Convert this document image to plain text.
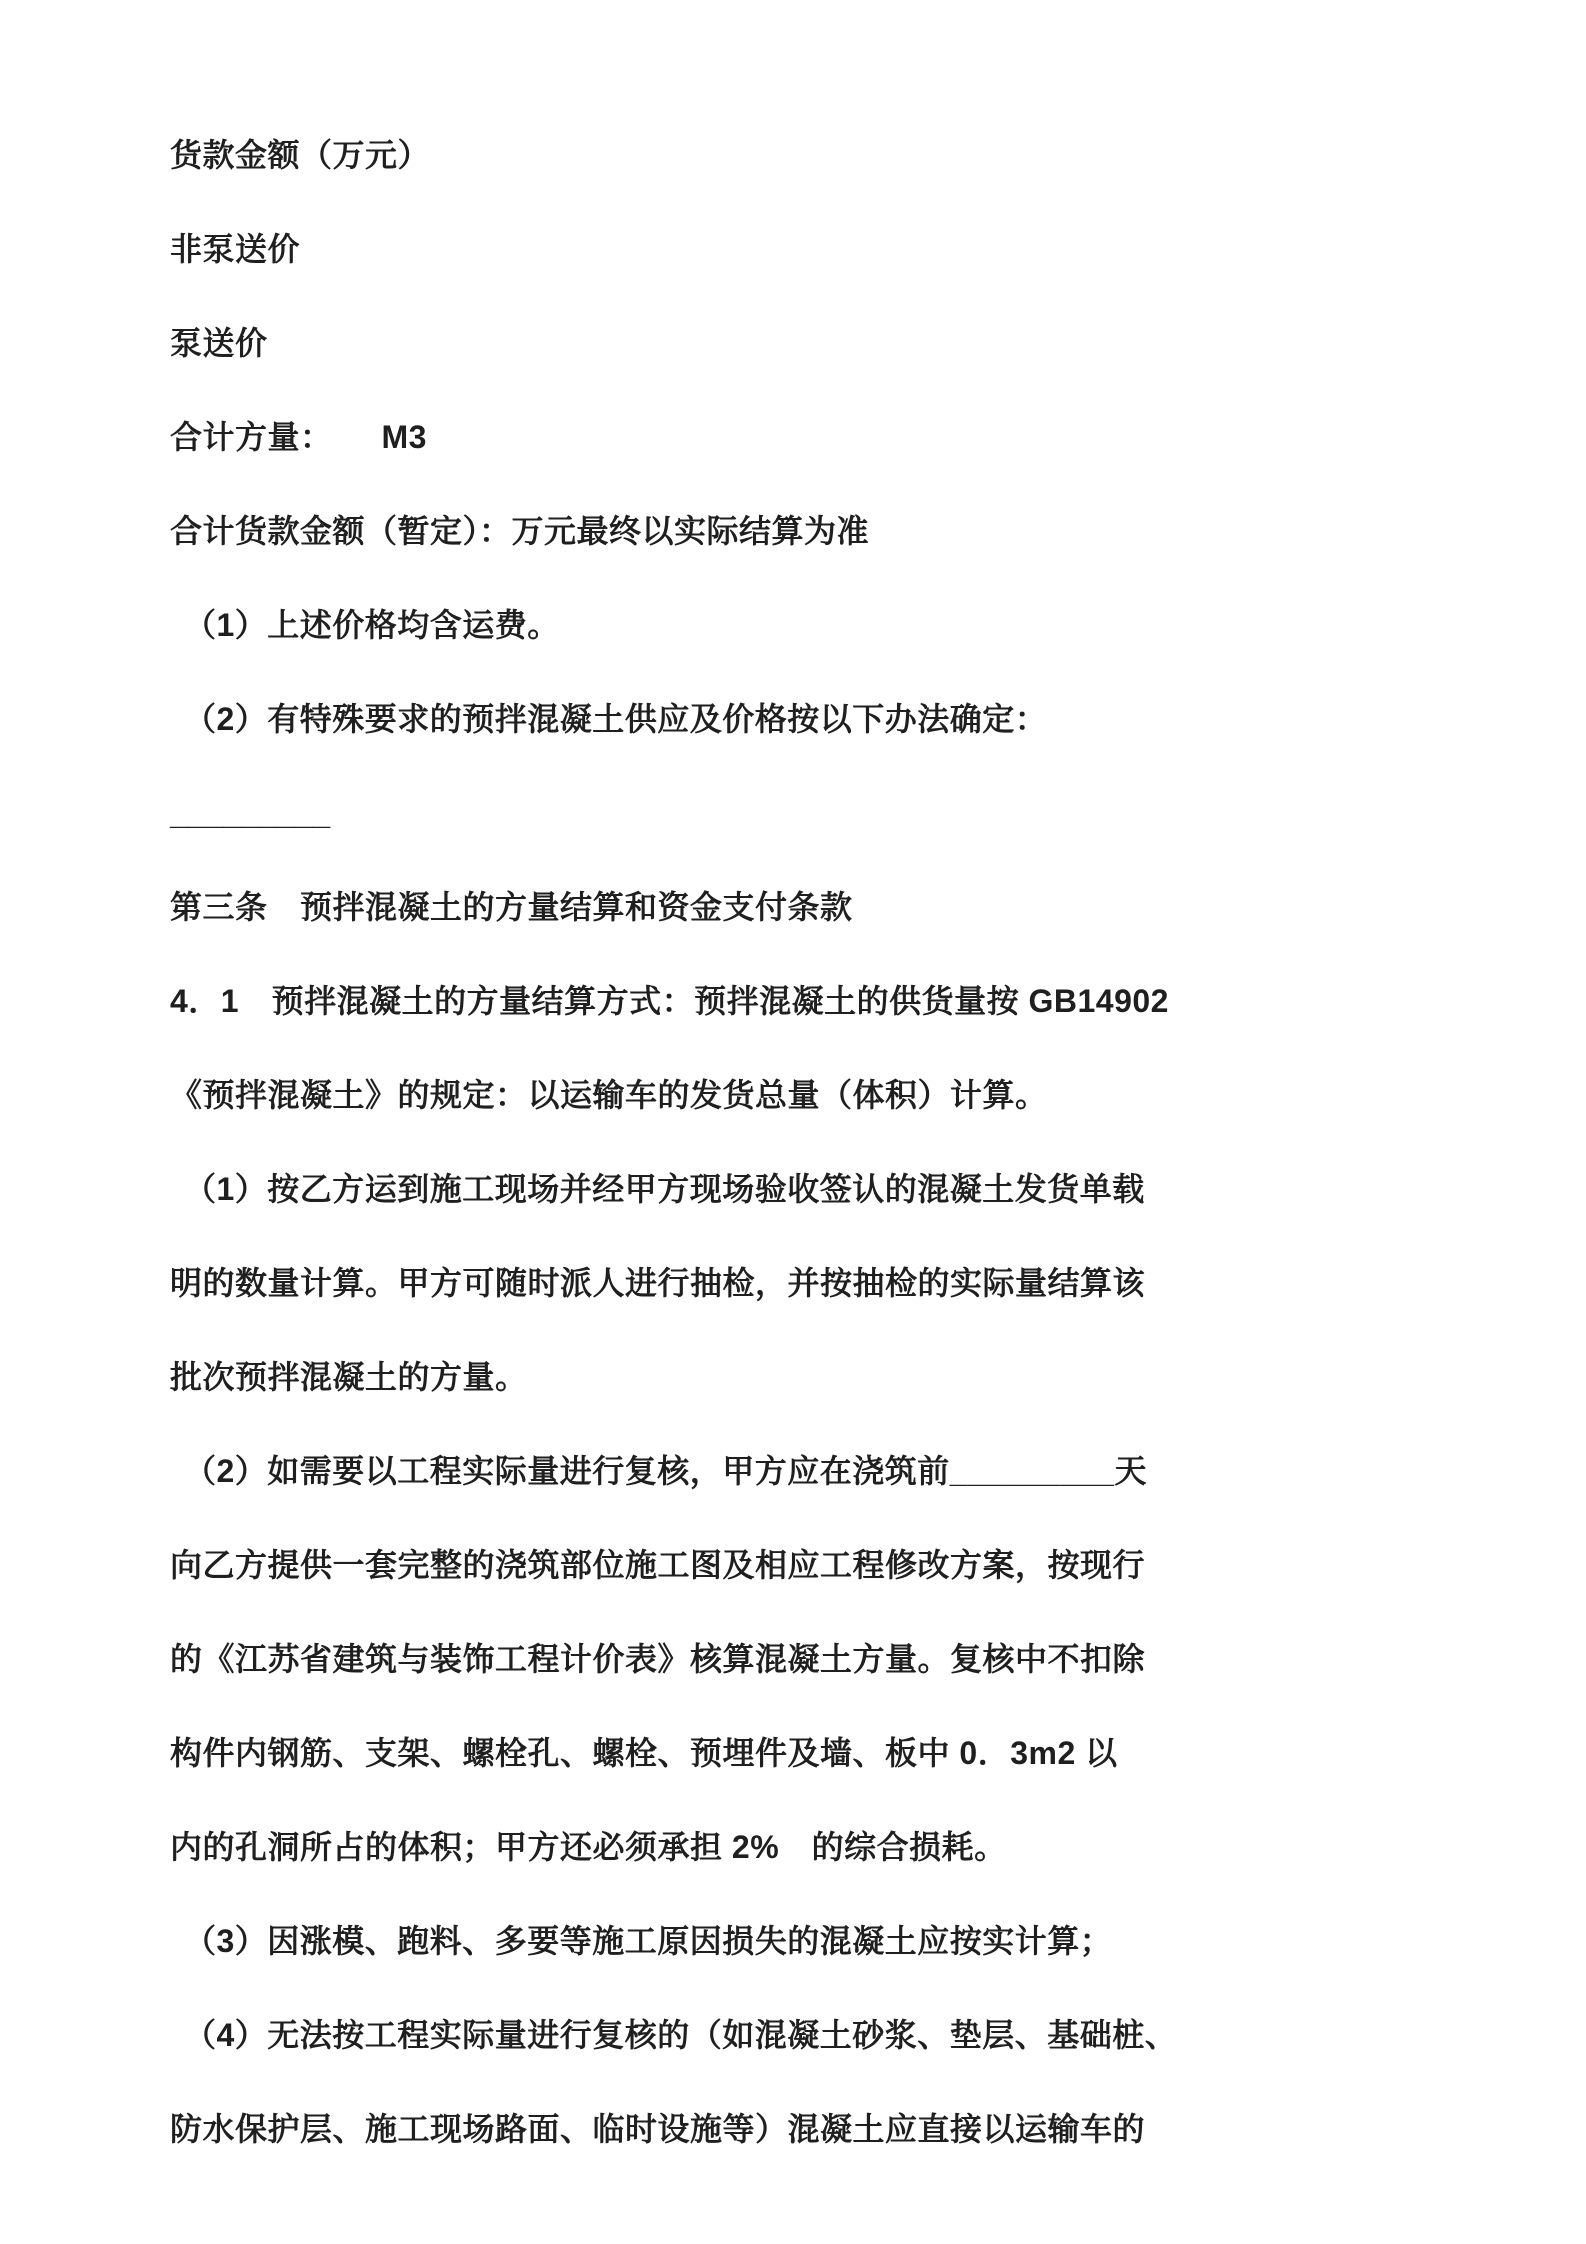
货款金额（万元）
非泵送价
泵送价
合计方量：　　M3
合计货款金额（暂定）：万元最终以实际结算为准
（1）上述价格均含运费。
（2）有特殊要求的预拌混凝土供应及价格按以下办法确定：
_________
第三条　预拌混凝土的方量结算和资金支付条款
4．1　预拌混凝土的方量结算方式：预拌混凝土的供货量按 GB14902
《预拌混凝土》的规定：以运输车的发货总量（体积）计算。
（1）按乙方运到施工现场并经甲方现场验收签认的混凝土发货单载
明的数量计算。甲方可随时派人进行抽检，并按抽检的实际量结算该
批次预拌混凝土的方量。
（2）如需要以工程实际量进行复核，甲方应在浇筑前_________天
向乙方提供一套完整的浇筑部位施工图及相应工程修改方案，按现行
的《江苏省建筑与装饰工程计价表》核算混凝土方量。复核中不扣除
构件内钢筋、支架、螺栓孔、螺栓、预埋件及墙、板中 0．3m2 以
内的孔洞所占的体积；甲方还必须承担 2%　的综合损耗。
（3）因涨模、跑料、多要等施工原因损失的混凝土应按实计算；
（4）无法按工程实际量进行复核的（如混凝土砂浆、垫层、基础桩、
防水保护层、施工现场路面、临时设施等）混凝土应直接以运输车的
